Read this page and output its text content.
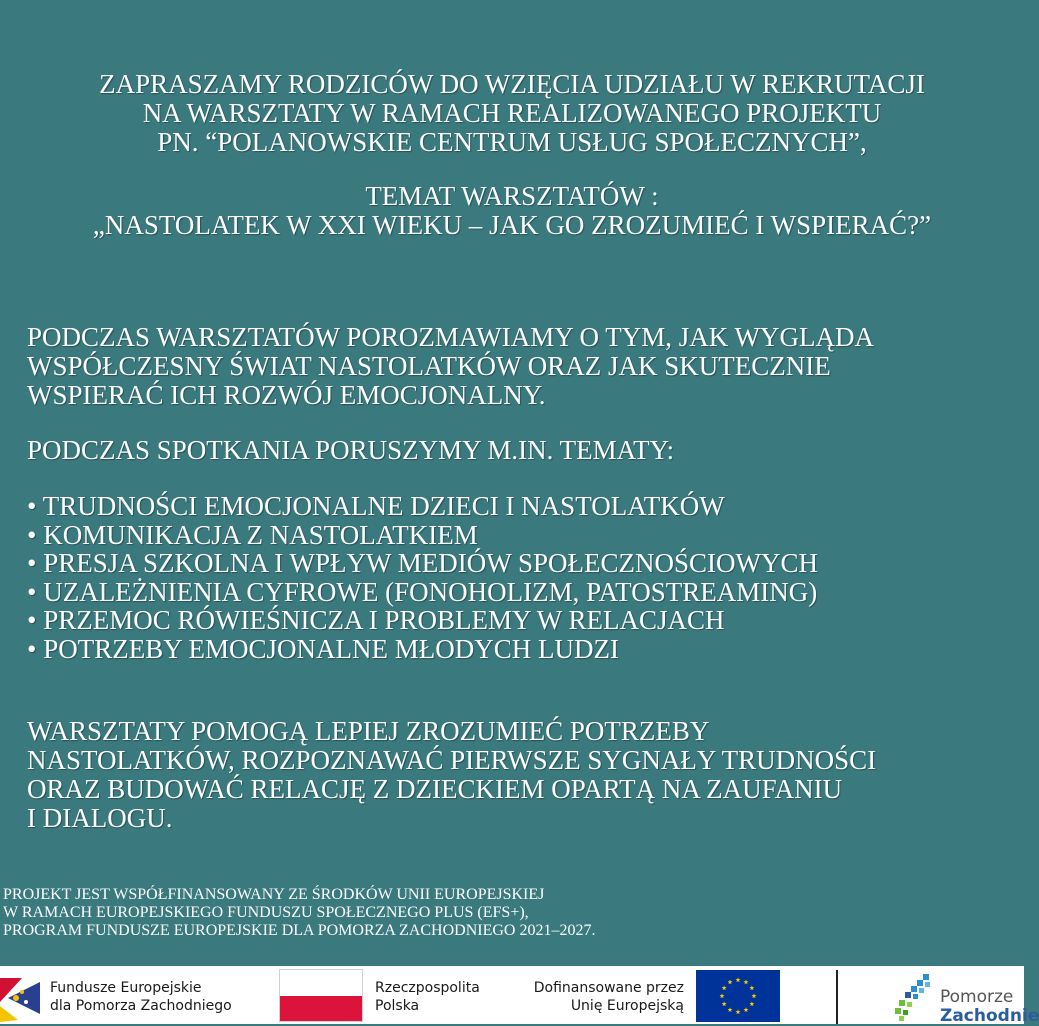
ZAPRASZAMY RODZICÓW DO WZIĘCIA UDZIAŁU W REKRUTACJI
NA WARSZTATY W RAMACH REALIZOWANEGO PROJEKTU
PN. “POLANOWSKIE CENTRUM USŁUG SPOŁECZNYCH”,
TEMAT WARSZTATÓW :
„NASTOLATEK W XXI WIEKU – JAK GO ZROZUMIEĆ I WSPIERAĆ?”
PODCZAS WARSZTATÓW POROZMAWIAMY O TYM, JAK WYGLĄDA
WSPÓŁCZESNY ŚWIAT NASTOLATKÓW ORAZ JAK SKUTECZNIE
WSPIERAĆ ICH ROZWÓJ EMOCJONALNY.
PODCZAS SPOTKANIA PORUSZYMY M.IN. TEMATY:
• TRUDNOŚCI EMOCJONALNE DZIECI I NASTOLATKÓW
• KOMUNIKACJA Z NASTOLATKIEM
• PRESJA SZKOLNA I WPŁYW MEDIÓW SPOŁECZNOŚCIOWYCH
• UZALEŻNIENIA CYFROWE (FONOHOLIZM, PATOSTREAMING)
• PRZEMOC RÓWIEŚNICZA I PROBLEMY W RELACJACH
• POTRZEBY EMOCJONALNE MŁODYCH LUDZI
WARSZTATY POMOGĄ LEPIEJ ZROZUMIEĆ POTRZEBY
NASTOLATKÓW, ROZPOZNAWAĆ PIERWSZE SYGNAŁY TRUDNOŚCI
ORAZ BUDOWAĆ RELACJĘ Z DZIECKIEM OPARTĄ NA ZAUFANIU
I DIALOGU.
PROJEKT JEST WSPÓŁFINANSOWANY ZE ŚRODKÓW UNII EUROPEJSKIEJ
W RAMACH EUROPEJSKIEGO FUNDUSZU SPOŁECZNEGO PLUS (EFS+),
PROGRAM FUNDUSZE EUROPEJSKIE DLA POMORZA ZACHODNIEGO 2021–2027.
Fundusze Europejskie
dla Pomorza Zachodniego
Rzeczpospolita
Polska
Dofinansowane przez
Unię Europejską	Pomorze
Zachodnie
